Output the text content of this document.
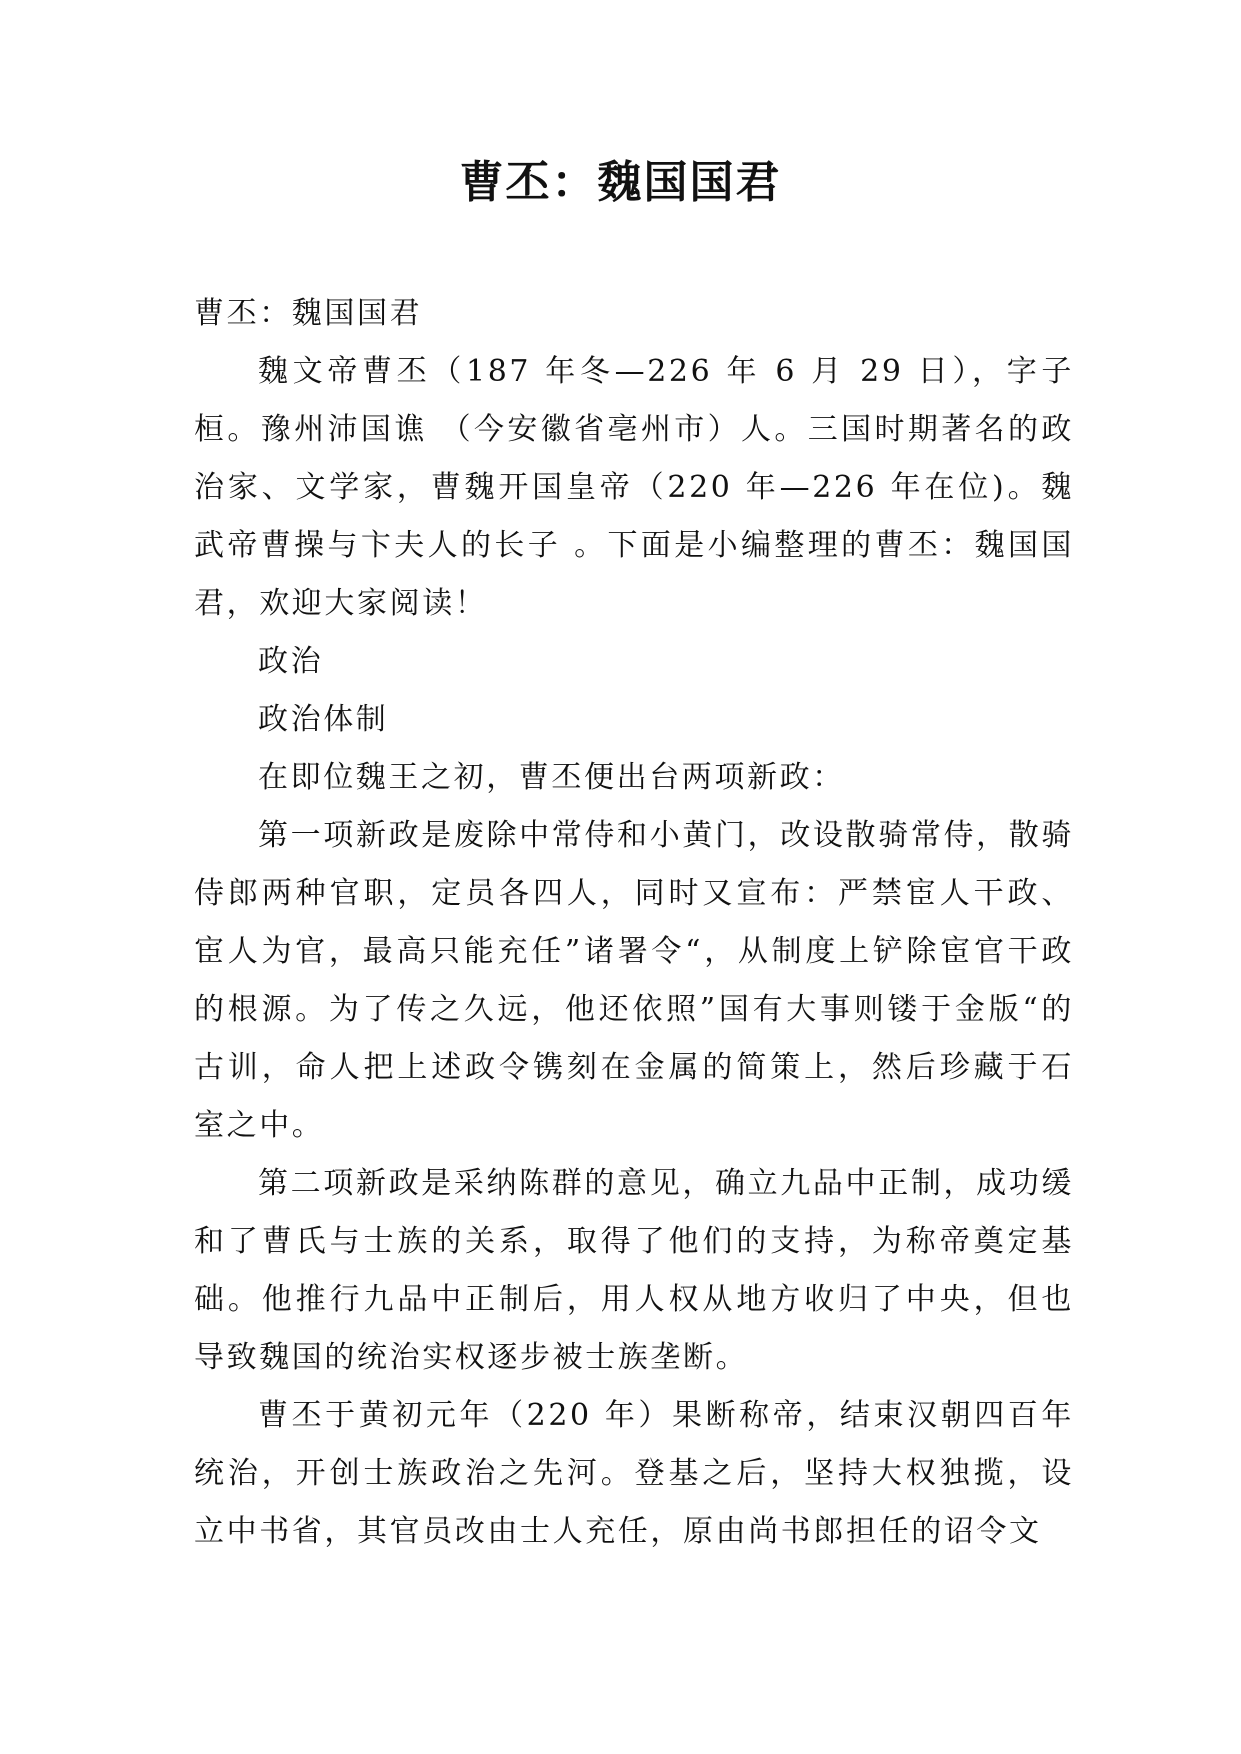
曹丕：魏国国君

曹丕：魏国国君

魏文帝曹丕（187 年冬—226 年 6 月 29 日），字子桓。豫州沛国谯 （今安徽省亳州市）人。三国时期著名的政治家、文学家，曹魏开国皇帝（220 年—226 年在位)。魏武帝曹操与卞夫人的长子 。下面是小编整理的曹丕：魏国国君，欢迎大家阅读！

政治

政治体制

在即位魏王之初，曹丕便出台两项新政：

第一项新政是废除中常侍和小黄门，改设散骑常侍，散骑侍郎两种官职，定员各四人，同时又宣布：严禁宦人干政、宦人为官，最高只能充任”诸署令“，从制度上铲除宦官干政的根源。为了传之久远，他还依照”国有大事则镂于金版“的古训，命人把上述政令镌刻在金属的简策上，然后珍藏于石室之中。

第二项新政是采纳陈群的意见，确立九品中正制，成功缓和了曹氏与士族的关系，取得了他们的支持，为称帝奠定基础。他推行九品中正制后，用人权从地方收归了中央，但也导致魏国的统治实权逐步被士族垄断。

曹丕于黄初元年（220 年）果断称帝，结束汉朝四百年统治，开创士族政治之先河。登基之后，坚持大权独揽，设立中书省，其官员改由士人充任，原由尚书郎担任的诏令文
